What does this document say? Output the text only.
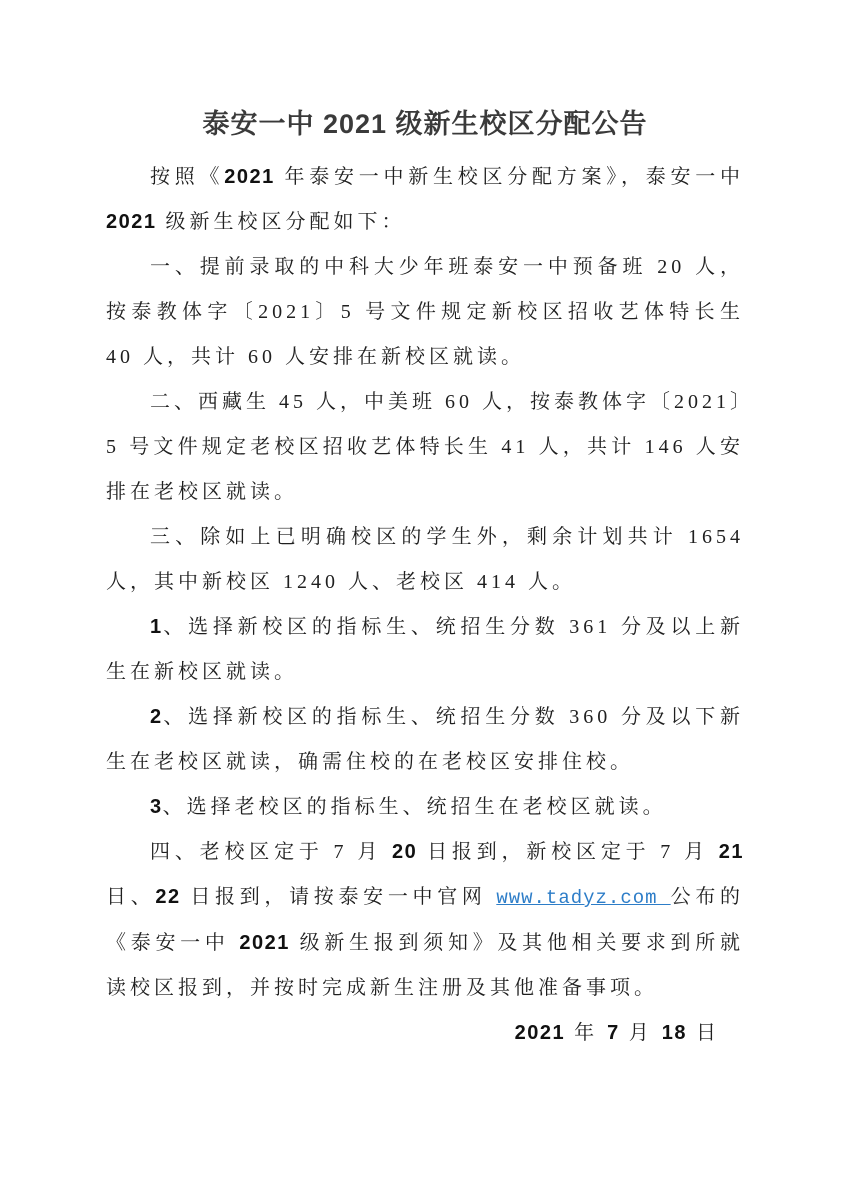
泰安一中 2021 级新生校区分配公告

按照《2021 年泰安一中新生校区分配方案》，泰安一中 2021 级新生校区分配如下：

一、提前录取的中科大少年班泰安一中预备班 20 人，按泰教体字〔2021〕5 号文件规定新校区招收艺体特长生 40 人，共计 60 人安排在新校区就读。

二、西藏生 45 人，中美班 60 人，按泰教体字〔2021〕5 号文件规定老校区招收艺体特长生 41 人，共计 146 人安排在老校区就读。

三、除如上已明确校区的学生外，剩余计划共计 1654 人，其中新校区 1240 人、老校区 414 人。

1、选择新校区的指标生、统招生分数 361 分及以上新生在新校区就读。

2、选择新校区的指标生、统招生分数 360 分及以下新生在老校区就读，确需住校的在老校区安排住校。

3、选择老校区的指标生、统招生在老校区就读。

四、老校区定于 7 月 20 日报到，新校区定于 7 月 21 日、22 日报到，请按泰安一中官网 www.tadyz.com 公布的《泰安一中 2021 级新生报到须知》及其他相关要求到所就读校区报到，并按时完成新生注册及其他准备事项。

2021 年 7 月 18 日
